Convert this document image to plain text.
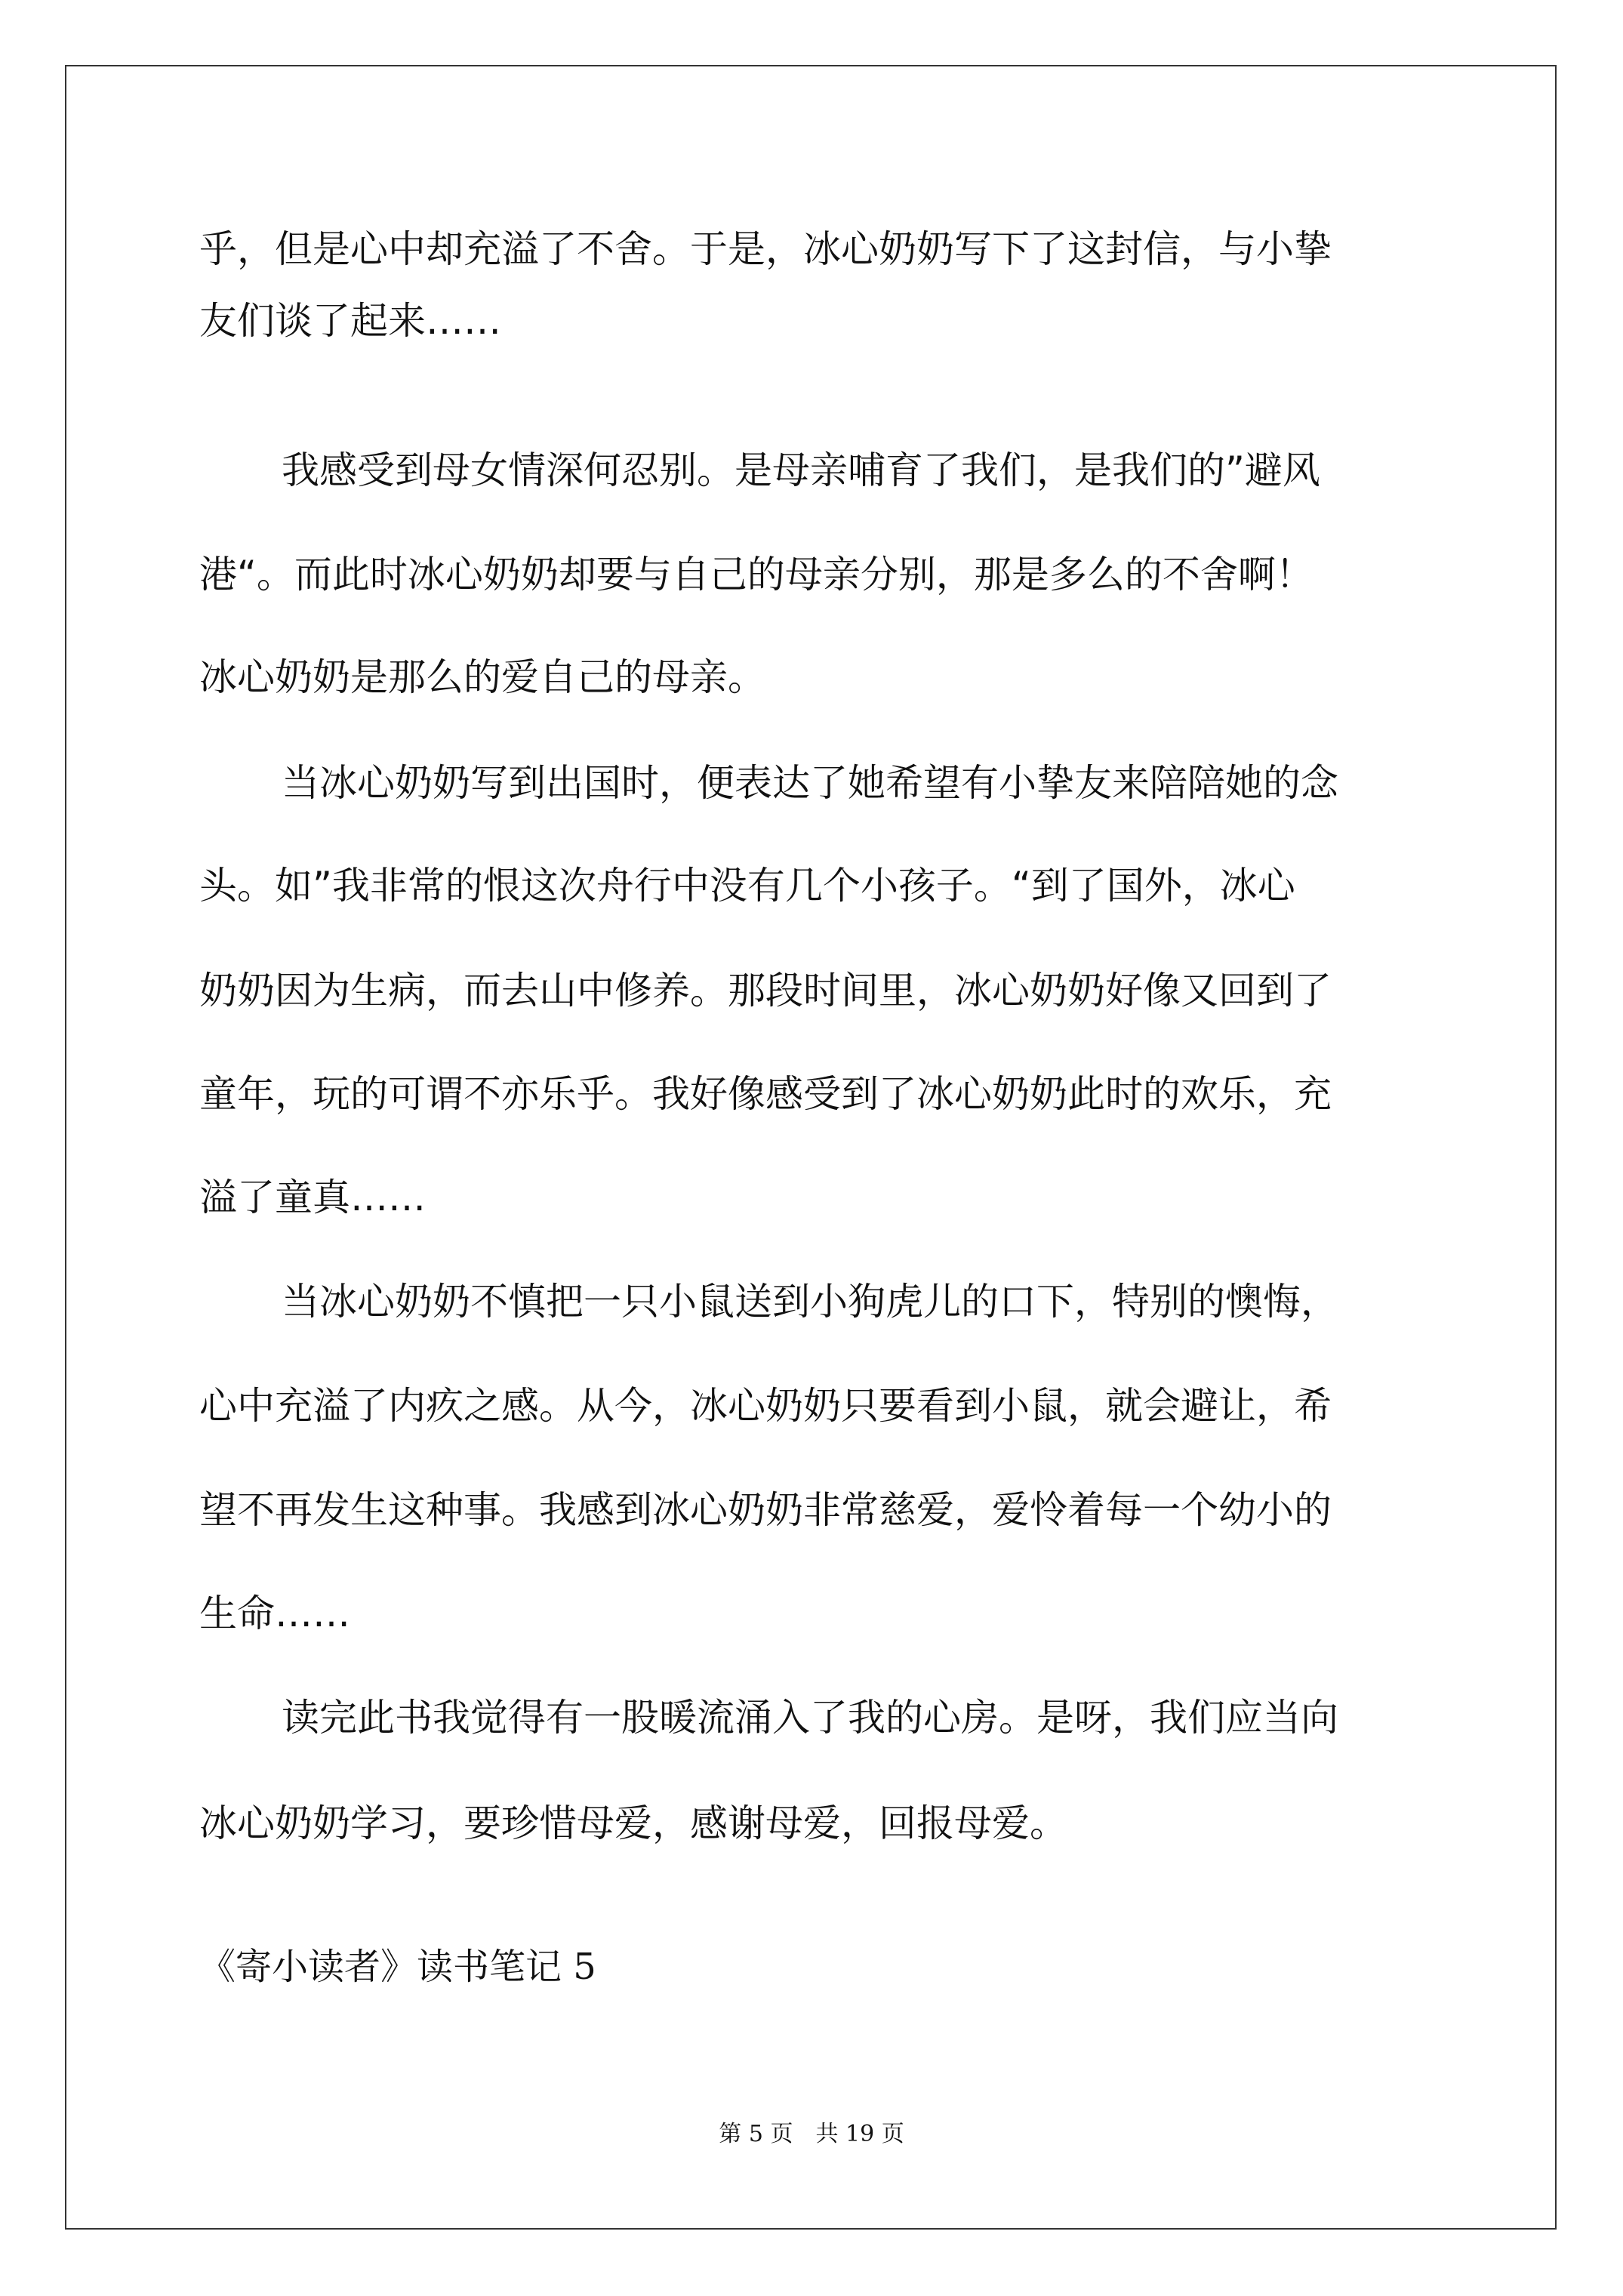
乎，但是心中却充溢了不舍。于是，冰心奶奶写下了这封信，与小挚
友们谈了起来……
我感受到母女情深何忍别。是母亲哺育了我们，是我们的”避风
港“。而此时冰心奶奶却要与自己的母亲分别，那是多么的不舍啊！
冰心奶奶是那么的爱自己的母亲。
当冰心奶奶写到出国时，便表达了她希望有小挚友来陪陪她的念
头。如”我非常的恨这次舟行中没有几个小孩子。“到了国外，冰心
奶奶因为生病，而去山中修养。那段时间里，冰心奶奶好像又回到了
童年，玩的可谓不亦乐乎。我好像感受到了冰心奶奶此时的欢乐，充
溢了童真……
当冰心奶奶不慎把一只小鼠送到小狗虎儿的口下，特别的懊悔，
心中充溢了内疚之感。从今，冰心奶奶只要看到小鼠，就会避让，希
望不再发生这种事。我感到冰心奶奶非常慈爱，爱怜着每一个幼小的
生命……
读完此书我觉得有一股暖流涌入了我的心房。是呀，我们应当向
冰心奶奶学习，要珍惜母爱，感谢母爱，回报母爱。
《寄小读者》读书笔记 5
第 5 页　共 19 页
